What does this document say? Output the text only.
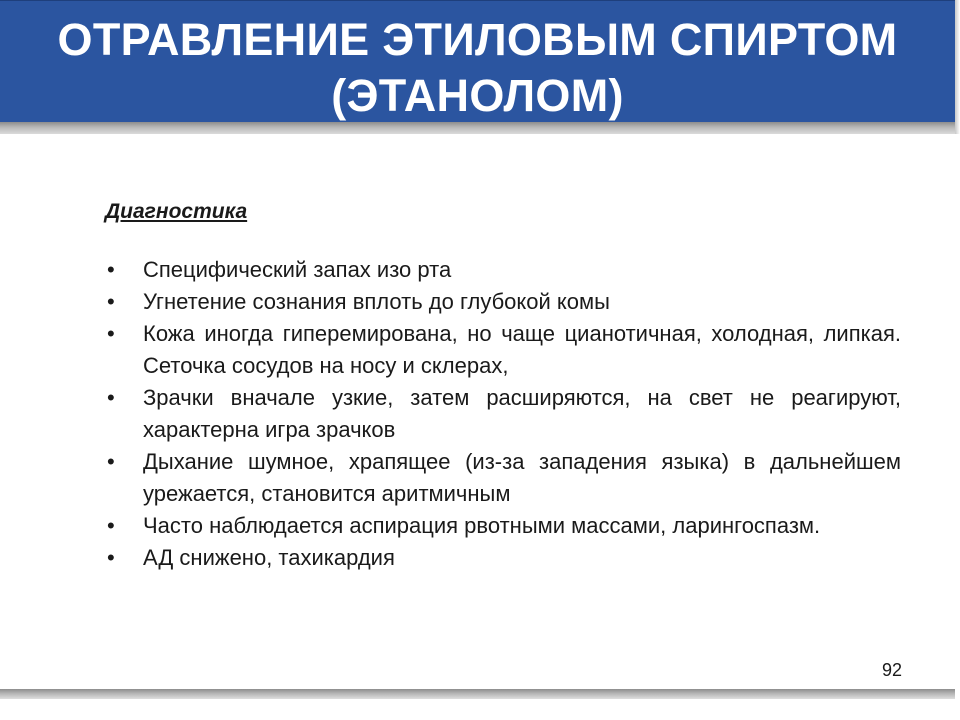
ОТРАВЛЕНИЕ ЭТИЛОВЫМ СПИРТОМ
(ЭТАНОЛОМ)
Диагностика
• Специфический запах изо рта
• Угнетение сознания вплоть до глубокой комы
• Кожа иногда гиперемирована, но чаще цианотичная, холодная, липкая. Сеточка сосудов на носу и склерах,
• Зрачки вначале узкие, затем расширяются, на свет не реагируют, характерна игра зрачков
• Дыхание шумное, храпящее (из-за западения языка) в дальнейшем урежается, становится аритмичным
• Часто наблюдается аспирация рвотными массами, ларингоспазм.
• АД снижено, тахикардия
92
